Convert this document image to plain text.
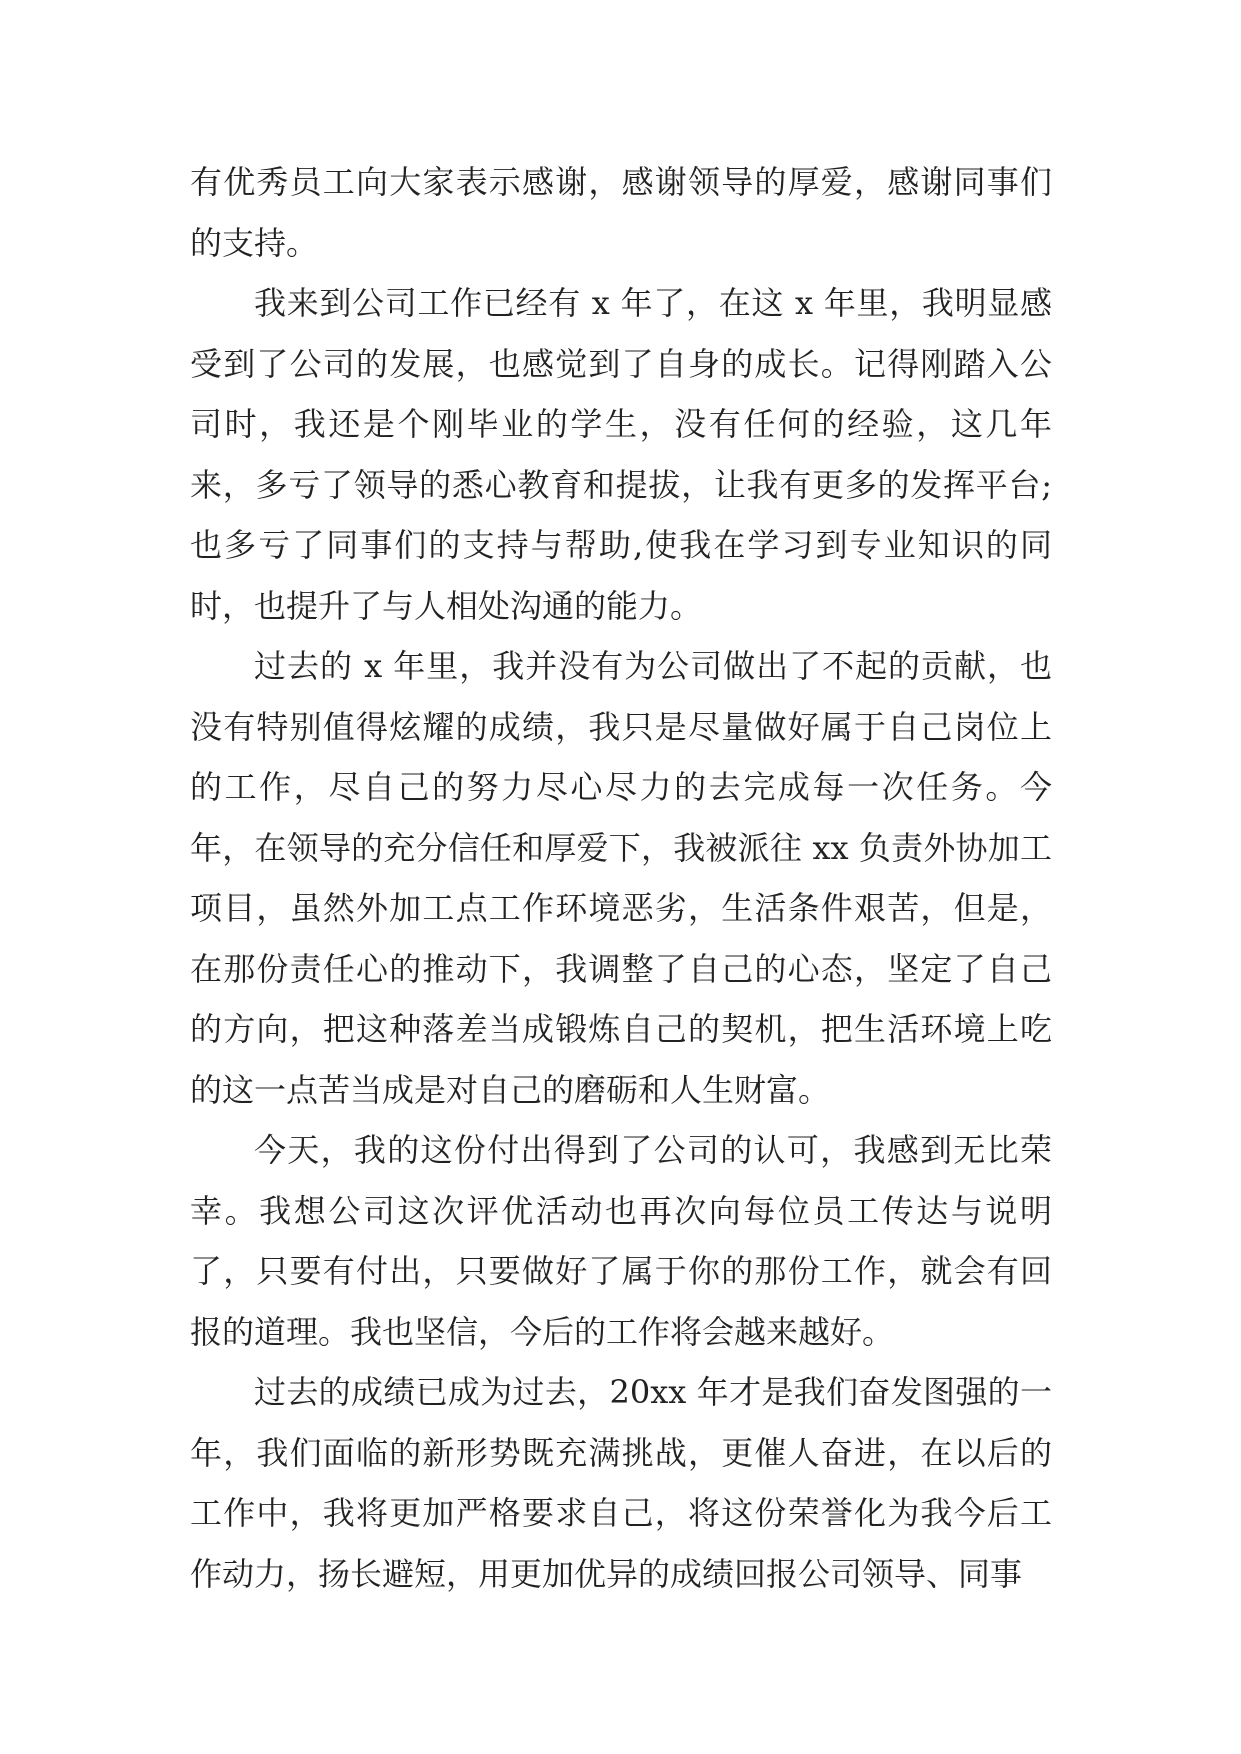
有优秀员工向大家表示感谢，感谢领导的厚爱，感谢同事们的支持。

我来到公司工作已经有 x 年了，在这 x 年里，我明显感受到了公司的发展，也感觉到了自身的成长。记得刚踏入公司时，我还是个刚毕业的学生，没有任何的经验，这几年来，多亏了领导的悉心教育和提拔，让我有更多的发挥平台;也多亏了同事们的支持与帮助,使我在学习到专业知识的同时，也提升了与人相处沟通的能力。

过去的 x 年里，我并没有为公司做出了不起的贡献，也没有特别值得炫耀的成绩，我只是尽量做好属于自己岗位上的工作，尽自己的努力尽心尽力的去完成每一次任务。今年，在领导的充分信任和厚爱下，我被派往 xx 负责外协加工项目，虽然外加工点工作环境恶劣，生活条件艰苦，但是，在那份责任心的推动下，我调整了自己的心态，坚定了自己的方向，把这种落差当成锻炼自己的契机，把生活环境上吃的这一点苦当成是对自己的磨砺和人生财富。

今天，我的这份付出得到了公司的认可，我感到无比荣幸。我想公司这次评优活动也再次向每位员工传达与说明了，只要有付出，只要做好了属于你的那份工作，就会有回报的道理。我也坚信，今后的工作将会越来越好。

过去的成绩已成为过去，20xx 年才是我们奋发图强的一年，我们面临的新形势既充满挑战，更催人奋进，在以后的工作中，我将更加严格要求自己，将这份荣誉化为我今后工作动力，扬长避短，用更加优异的成绩回报公司领导、同事
